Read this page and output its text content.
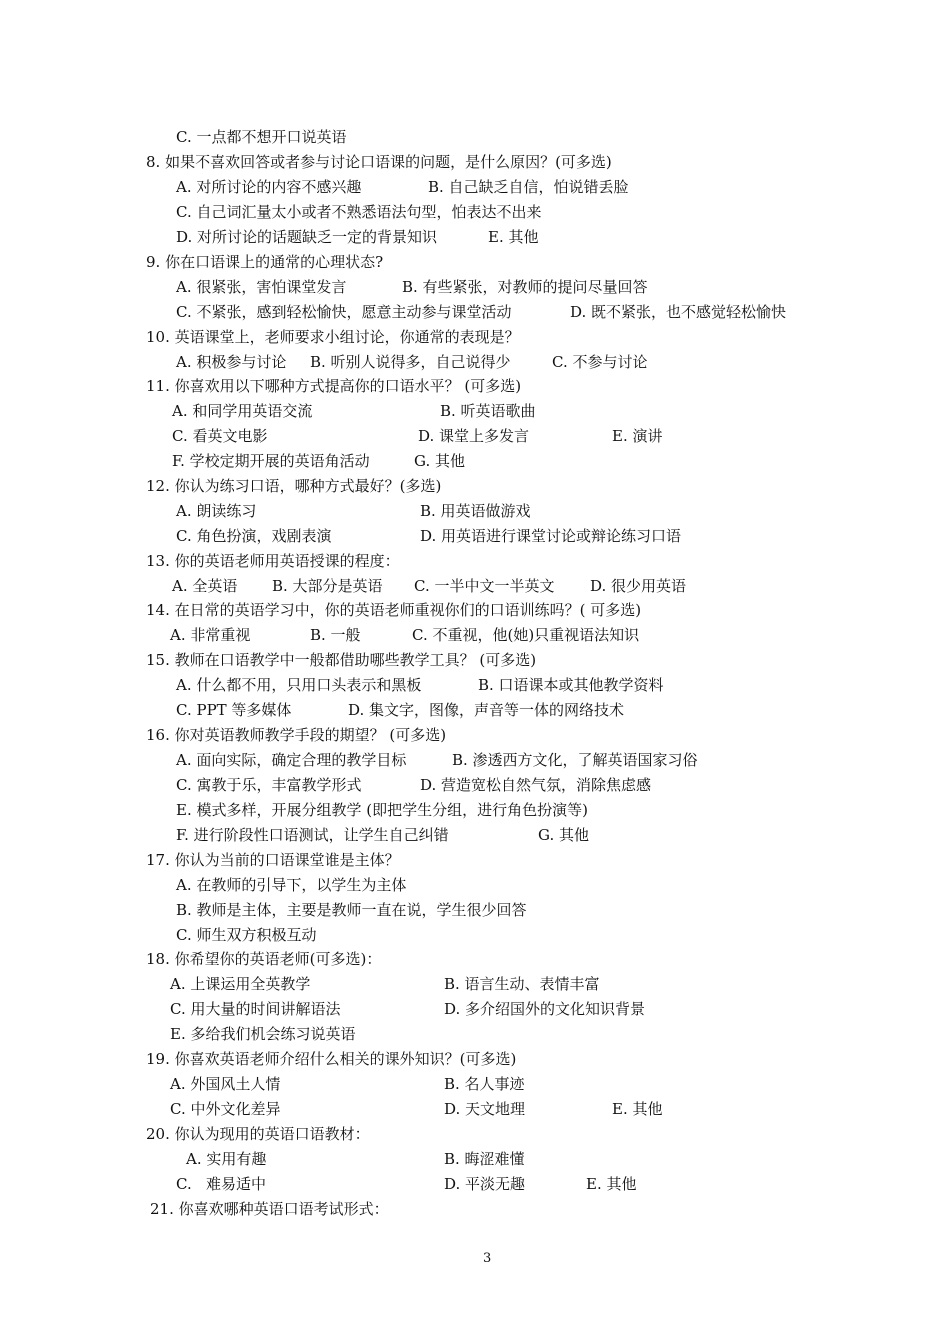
C. 一点都不想开口说英语
8. 如果不喜欢回答或者参与讨论口语课的问题，是什么原因？(可多选)
A. 对所讨论的内容不感兴趣	B. 自己缺乏自信，怕说错丢脸
C. 自己词汇量太小或者不熟悉语法句型，怕表达不出来
D. 对所讨论的话题缺乏一定的背景知识	E. 其他
9. 你在口语课上的通常的心理状态?
A. 很紧张，害怕课堂发言	B. 有些紧张，对教师的提问尽量回答
C. 不紧张，感到轻松愉快，愿意主动参与课堂活动	D. 既不紧张，也不感觉轻松愉快
10. 英语课堂上，老师要求小组讨论，你通常的表现是？
A. 积极参与讨论 B. 听别人说得多，自己说得少	C. 不参与讨论
11. 你喜欢用以下哪种方式提高你的口语水平？ (可多选)
A. 和同学用英语交流	B. 听英语歌曲
C. 看英文电影	D. 课堂上多发言	E. 演讲
F. 学校定期开展的英语角活动	G. 其他
12. 你认为练习口语，哪种方式最好？(多选)
A. 朗读练习	B. 用英语做游戏
C. 角色扮演，戏剧表演	D. 用英语进行课堂讨论或辩论练习口语
13. 你的英语老师用英语授课的程度：
A. 全英语 B. 大部分是英语 C. 一半中文一半英文 D. 很少用英语
14. 在日常的英语学习中，你的英语老师重视你们的口语训练吗？( 可多选)
A. 非常重视	B. 一般	C. 不重视，他(她)只重视语法知识
15. 教师在口语教学中一般都借助哪些教学工具？ (可多选)
A. 什么都不用，只用口头表示和黑板	B. 口语课本或其他教学资料
C. PPT 等多媒体	D. 集文字，图像，声音等一体的网络技术
16. 你对英语教师教学手段的期望？ (可多选)
A. 面向实际，确定合理的教学目标	B. 渗透西方文化，了解英语国家习俗
C. 寓教于乐，丰富教学形式	D. 营造宽松自然气氛，消除焦虑感
E. 模式多样，开展分组教学 (即把学生分组，进行角色扮演等)
F. 进行阶段性口语测试，让学生自己纠错	G. 其他
17. 你认为当前的口语课堂谁是主体？
A. 在教师的引导下，以学生为主体
B. 教师是主体，主要是教师一直在说，学生很少回答
C. 师生双方积极互动
18. 你希望你的英语老师(可多选)：
A. 上课运用全英教学	B. 语言生动、表情丰富
C. 用大量的时间讲解语法	D. 多介绍国外的文化知识背景
E. 多给我们机会练习说英语
19. 你喜欢英语老师介绍什么相关的课外知识？(可多选)
A. 外国风土人情	B. 名人事迹
C. 中外文化差异	D. 天文地理	E. 其他
20. 你认为现用的英语口语教材：
A. 实用有趣	B. 晦涩难懂
C.   难易适中	D. 平淡无趣	E. 其他
21. 你喜欢哪种英语口语考试形式：
3
